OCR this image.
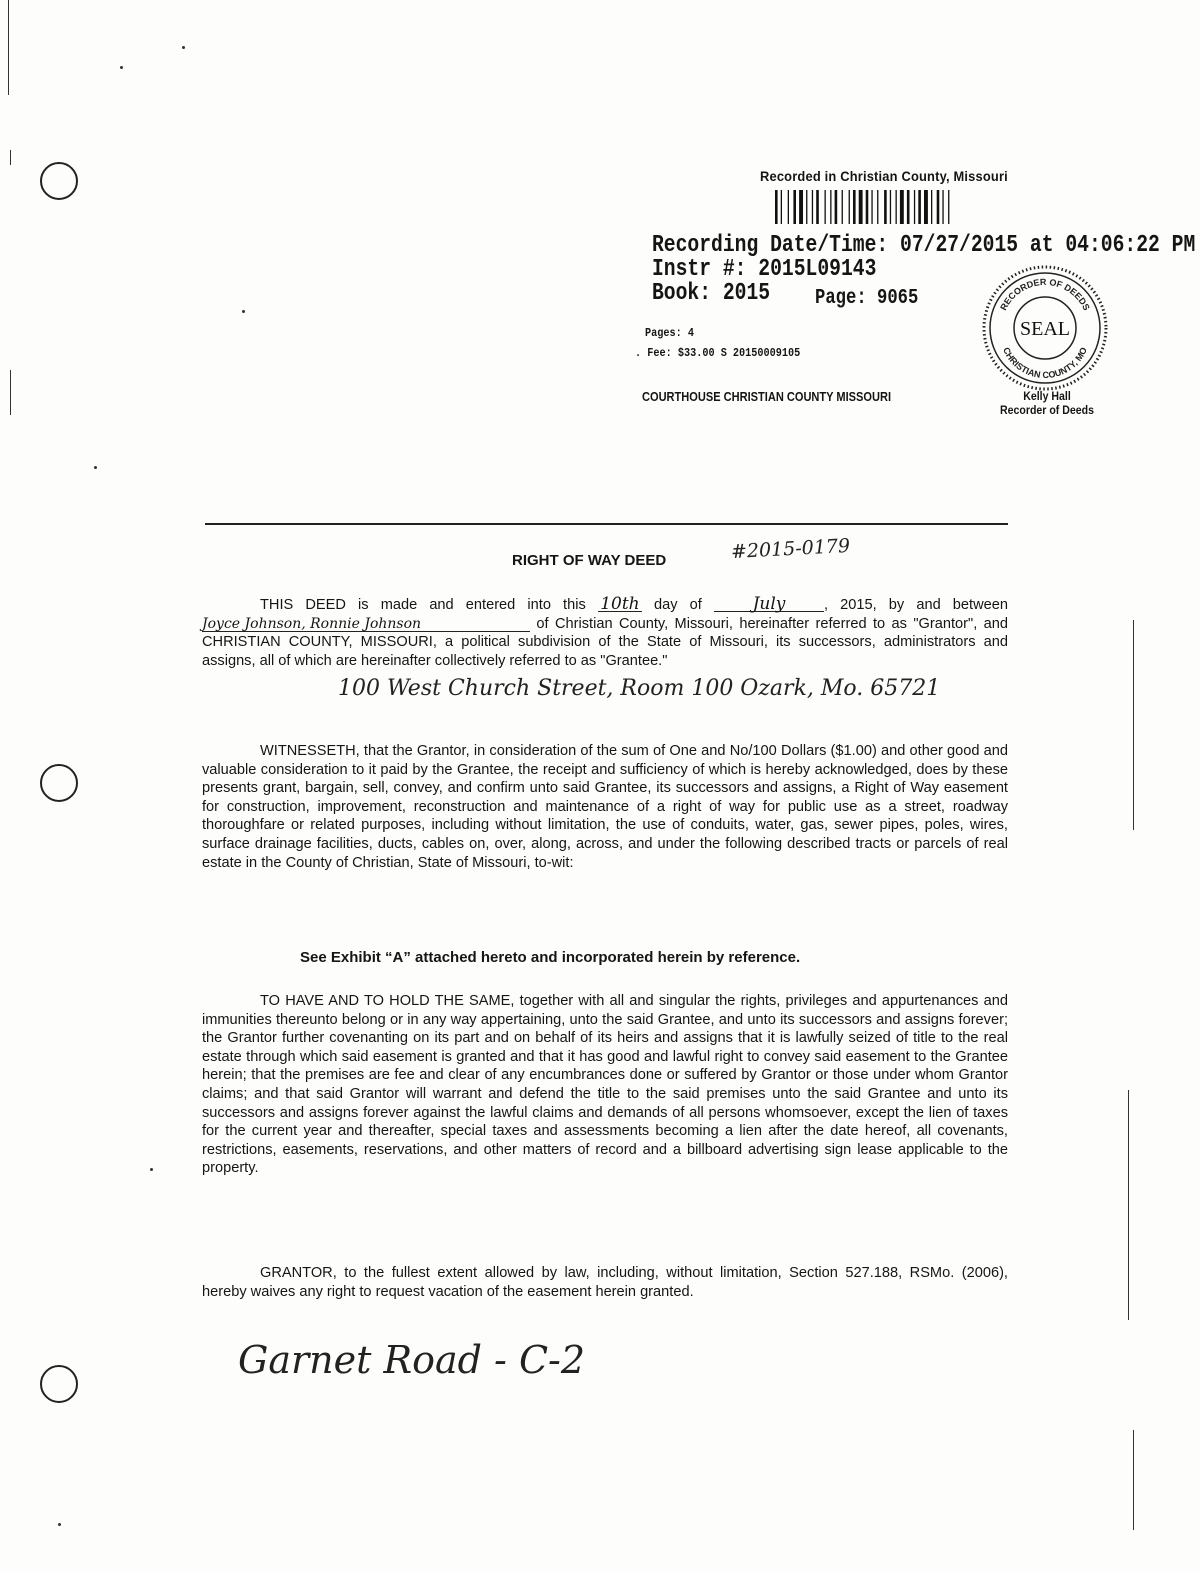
Recorded in Christian County, Missouri
Recording Date/Time: 07/27/2015 at 04:06:22 PM
Instr #: 2015L09143
Book: 2015 Page: 9065
Pages: 4
. Fee: $33.00 S 20150009105
COURTHOUSE CHRISTIAN COUNTY MISSOURI
RECORDER OF DEEDS
CHRISTIAN COUNTY, MO
SEAL
Kelly Hall
Recorder of Deeds
RIGHT OF WAY DEED	#2015-0179

THIS DEED is made and entered into this 10th day of	July	, 2015, by and between Joyce Johnson, Ronnie Johnson	of Christian County, Missouri, hereinafter referred to as "Grantor", and CHRISTIAN COUNTY, MISSOURI, a political subdivision of the State of Missouri, its successors, administrators and assigns, all of which are hereinafter collectively referred to as "Grantee."

100 West Church Street, Room 100 Ozark, Mo. 65721

WITNESSETH, that the Grantor, in consideration of the sum of One and No/100 Dollars ($1.00) and other good and valuable consideration to it paid by the Grantee, the receipt and sufficiency of which is hereby acknowledged, does by these presents grant, bargain, sell, convey, and confirm unto said Grantee, its successors and assigns, a Right of Way easement for construction, improvement, reconstruction and maintenance of a right of way for public use as a street, roadway thoroughfare or related purposes, including without limitation, the use of conduits, water, gas, sewer pipes, poles, wires, surface drainage facilities, ducts, cables on, over, along, across, and under the following described tracts or parcels of real estate in the County of Christian, State of Missouri, to-wit:

See Exhibit “A” attached hereto and incorporated herein by reference.

TO HAVE AND TO HOLD THE SAME, together with all and singular the rights, privileges and appurtenances and immunities thereunto belong or in any way appertaining, unto the said Grantee, and unto its successors and assigns forever; the Grantor further covenanting on its part and on behalf of its heirs and assigns that it is lawfully seized of title to the real estate through which said easement is granted and that it has good and lawful right to convey said easement to the Grantee herein; that the premises are fee and clear of any encumbrances done or suffered by Grantor or those under whom Grantor claims; and that said Grantor will warrant and defend the title to the said premises unto the said Grantee and unto its successors and assigns forever against the lawful claims and demands of all persons whomsoever, except the lien of taxes for the current year and thereafter, special taxes and assessments becoming a lien after the date hereof, all covenants, restrictions, easements, reservations, and other matters of record and a billboard advertising sign lease applicable to the property.

GRANTOR, to the fullest extent allowed by law, including, without limitation, Section 527.188, RSMo. (2006), hereby waives any right to request vacation of the easement herein granted.

Garnet Road - C-2
